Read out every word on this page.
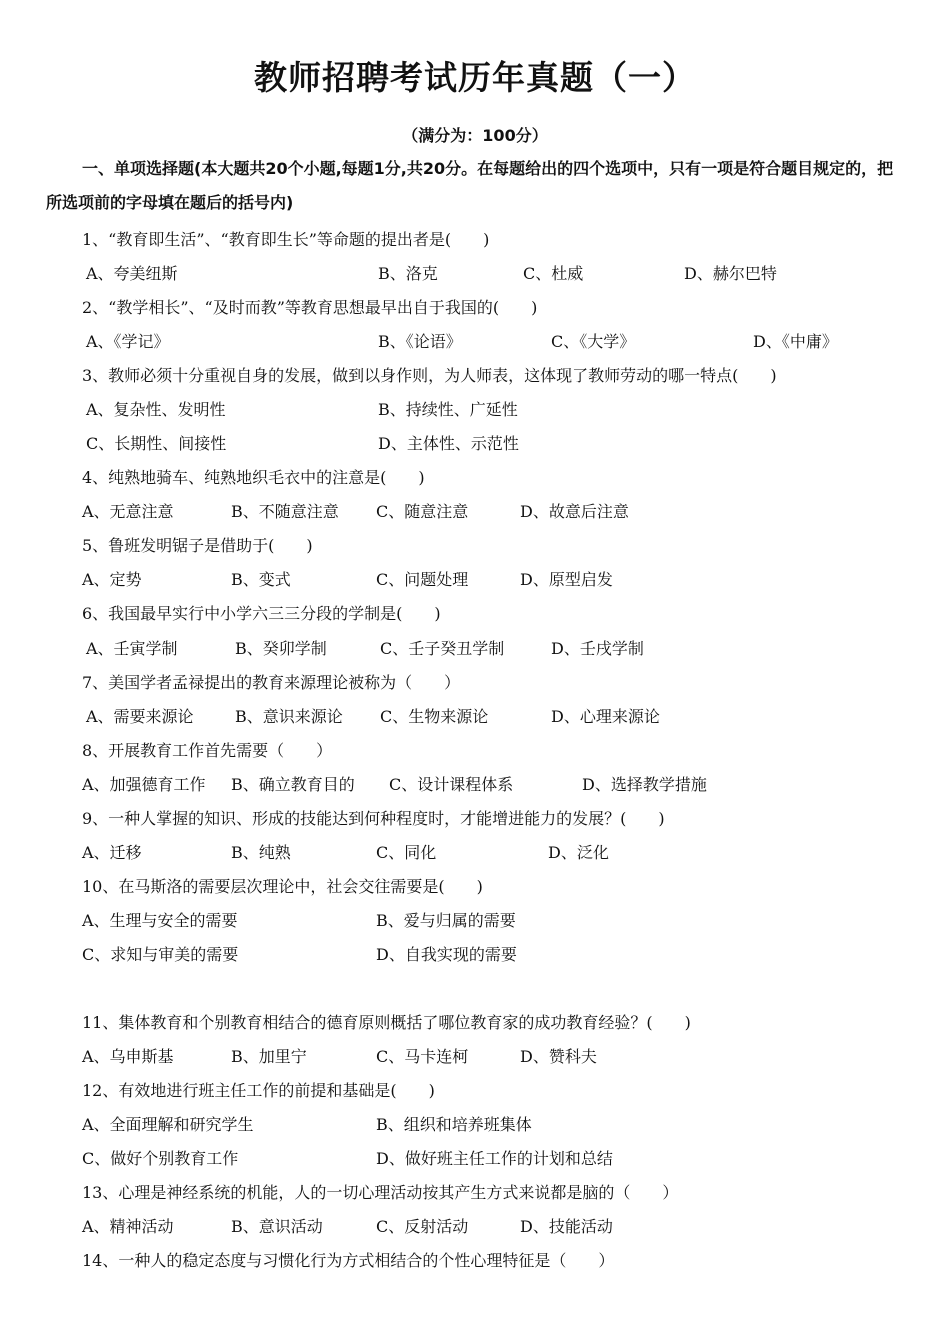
教师招聘考试历年真题（一）
（满分为：100分）
一、单项选择题(本大题共20个小题,每题1分,共20分。在每题给出的四个选项中，只有一项是符合题目规定的，把所选项前的字母填在题后的括号内)
1、“教育即生活”、“教育即生长”等命题的提出者是(　　)
A、夸美纽斯	B、洛克	C、杜威	D、赫尔巴特
2、“教学相长”、“及时而教”等教育思想最早出自于我国的(　　)
A、《学记》	B、《论语》	C、《大学》	D、《中庸》
3、教师必须十分重视自身的发展，做到以身作则，为人师表，这体现了教师劳动的哪一特点(　　)
A、复杂性、发明性	B、持续性、广延性
C、长期性、间接性	D、主体性、示范性
4、纯熟地骑车、纯熟地织毛衣中的注意是(　　)
A、无意注意	B、不随意注意 C、随意注意	D、故意后注意
5、鲁班发明锯子是借助于(　　)
A、定势	B、变式	C、问题处理	D、原型启发
6、我国最早实行中小学六三三分段的学制是(　　)
A、壬寅学制	B、癸卯学制	C、壬子癸丑学制	D、壬戌学制
7、美国学者孟禄提出的教育来源理论被称为（　　）
A、需要来源论	B、意识来源论 C、生物来源论	D、心理来源论
8、开展教育工作首先需要（　　）
A、加强德育工作 B、确立教育目的 C、设计课程体系	D、选择教学措施
9、一种人掌握的知识、形成的技能达到何种程度时，才能增进能力的发展？(　　)
A、迁移	B、纯熟	C、同化	D、泛化
10、在马斯洛的需要层次理论中，社会交往需要是(　　)
A、生理与安全的需要	B、爱与归属的需要
C、求知与审美的需要	D、自我实现的需要
11、集体教育和个别教育相结合的德育原则概括了哪位教育家的成功教育经验？(　　)
A、乌申斯基	B、加里宁	C、马卡连柯	D、赞科夫
12、有效地进行班主任工作的前提和基础是(　　)
A、全面理解和研究学生	B、组织和培养班集体
C、做好个别教育工作	D、做好班主任工作的计划和总结
13、心理是神经系统的机能，人的一切心理活动按其产生方式来说都是脑的（　　）
A、精神活动	B、意识活动	C、反射活动	D、技能活动
14、一种人的稳定态度与习惯化行为方式相结合的个性心理特征是（　　）
